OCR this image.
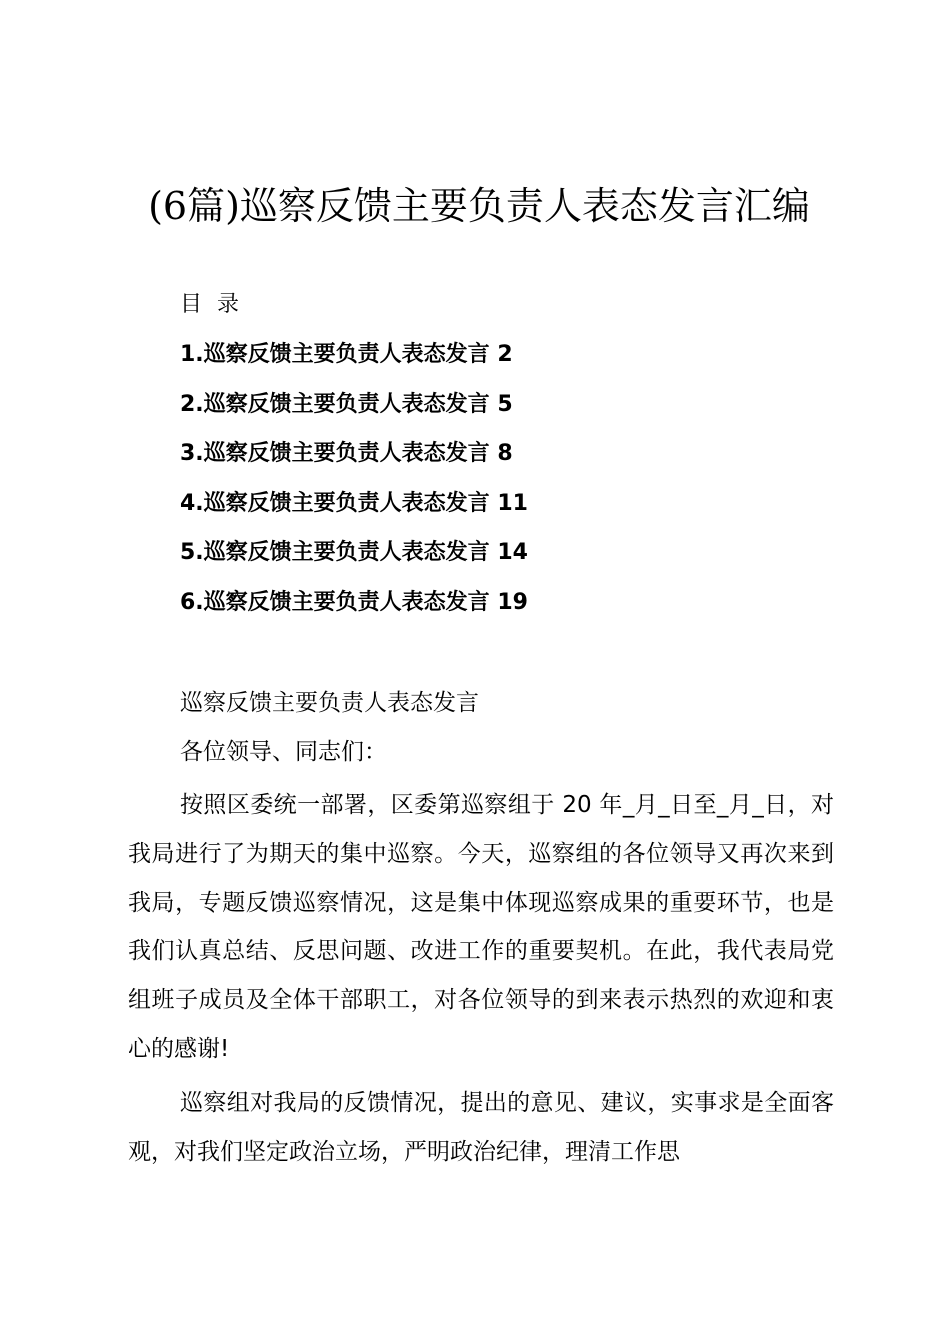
(6篇)巡察反馈主要负责人表态发言汇编
目 录
1.巡察反馈主要负责人表态发言 2
2.巡察反馈主要负责人表态发言 5
3.巡察反馈主要负责人表态发言 8
4.巡察反馈主要负责人表态发言 11
5.巡察反馈主要负责人表态发言 14
6.巡察反馈主要负责人表态发言 19
巡察反馈主要负责人表态发言
各位领导、同志们：

按照区委统一部署，区委第巡察组于 20 年_月_日至_月_日，对我局进行了为期天的集中巡察。今天，巡察组的各位领导又再次来到我局，专题反馈巡察情况，这是集中体现巡察成果的重要环节，也是我们认真总结、反思问题、改进工作的重要契机。在此，我代表局党组班子成员及全体干部职工，对各位领导的到来表示热烈的欢迎和衷心的感谢!

巡察组对我局的反馈情况，提出的意见、建议，实事求是全面客观，对我们坚定政治立场，严明政治纪律，理清工作思
